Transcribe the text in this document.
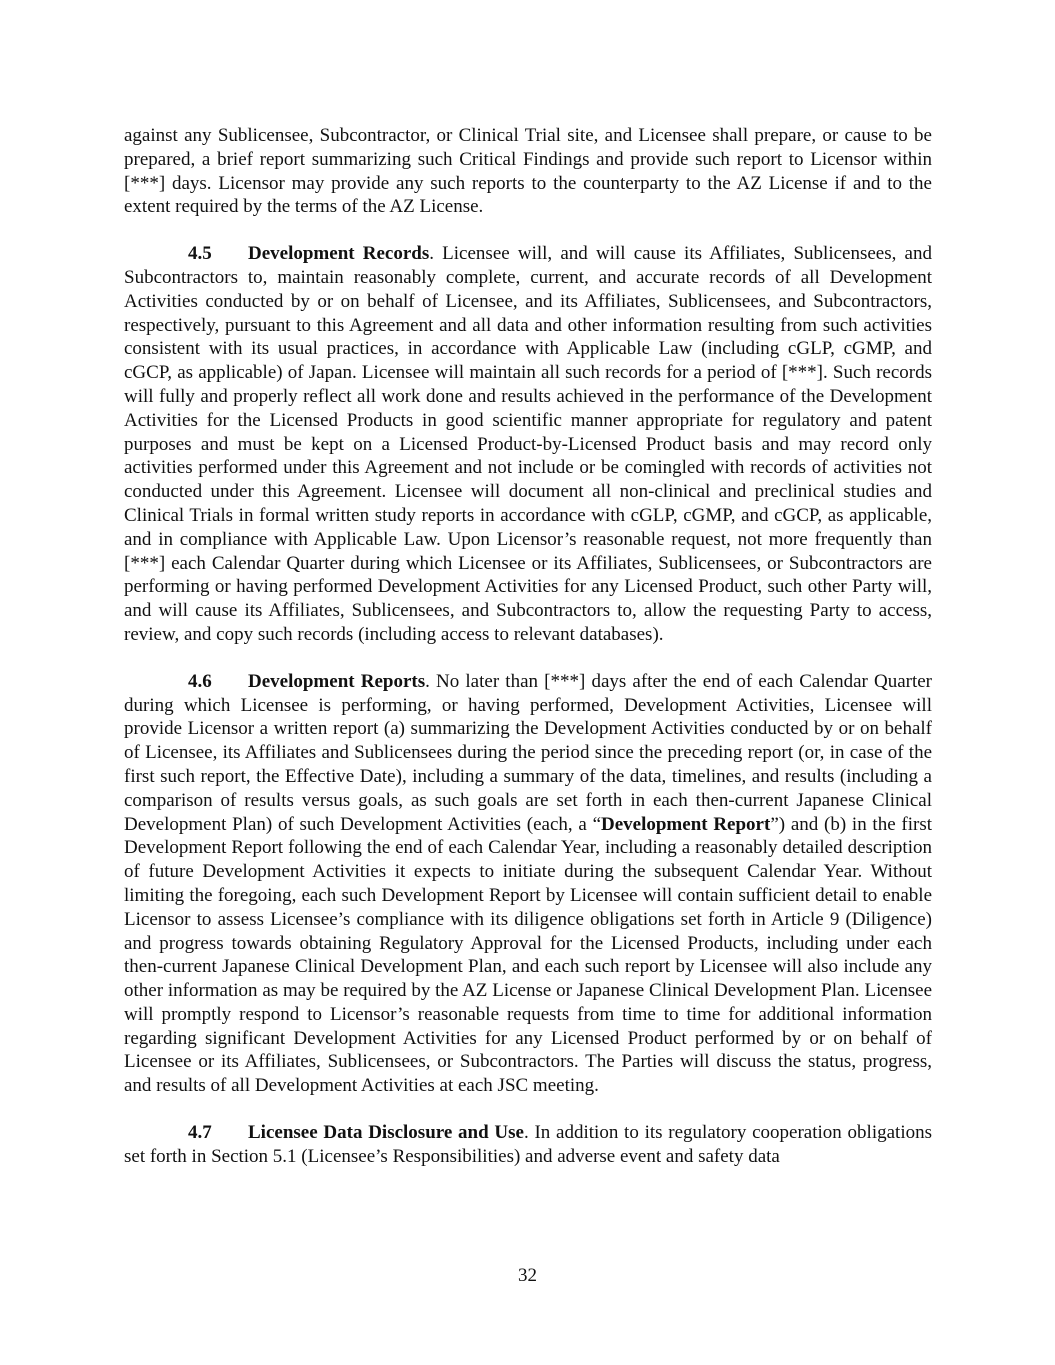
against any Sublicensee, Subcontractor, or Clinical Trial site, and Licensee shall prepare, or cause to be prepared, a brief report summarizing such Critical Findings and provide such report to Licensor within [***] days. Licensor may provide any such reports to the counterparty to the AZ License if and to the extent required by the terms of the AZ License.

4.5 Development Records. Licensee will, and will cause its Affiliates, Sublicensees, and Subcontractors to, maintain reasonably complete, current, and accurate records of all Development Activities conducted by or on behalf of Licensee, and its Affiliates, Sublicensees, and Subcontractors, respectively, pursuant to this Agreement and all data and other information resulting from such activities consistent with its usual practices, in accordance with Applicable Law (including cGLP, cGMP, and cGCP, as applicable) of Japan. Licensee will maintain all such records for a period of [***]. Such records will fully and properly reflect all work done and results achieved in the performance of the Development Activities for the Licensed Products in good scientific manner appropriate for regulatory and patent purposes and must be kept on a Licensed Product-by-Licensed Product basis and may record only activities performed under this Agreement and not include or be comingled with records of activities not conducted under this Agreement. Licensee will document all non-clinical and preclinical studies and Clinical Trials in formal written study reports in accordance with cGLP, cGMP, and cGCP, as applicable, and in compliance with Applicable Law. Upon Licensor’s reasonable request, not more frequently than [***] each Calendar Quarter during which Licensee or its Affiliates, Sublicensees, or Subcontractors are performing or having performed Development Activities for any Licensed Product, such other Party will, and will cause its Affiliates, Sublicensees, and Subcontractors to, allow the requesting Party to access, review, and copy such records (including access to relevant databases).

4.6 Development Reports. No later than [***] days after the end of each Calendar Quarter during which Licensee is performing, or having performed, Development Activities, Licensee will provide Licensor a written report (a) summarizing the Development Activities conducted by or on behalf of Licensee, its Affiliates and Sublicensees during the period since the preceding report (or, in case of the first such report, the Effective Date), including a summary of the data, timelines, and results (including a comparison of results versus goals, as such goals are set forth in each then-current Japanese Clinical Development Plan) of such Development Activities (each, a “Development Report”) and (b) in the first Development Report following the end of each Calendar Year, including a reasonably detailed description of future Development Activities it expects to initiate during the subsequent Calendar Year. Without limiting the foregoing, each such Development Report by Licensee will contain sufficient detail to enable Licensor to assess Licensee’s compliance with its diligence obligations set forth in Article 9 (Diligence) and progress towards obtaining Regulatory Approval for the Licensed Products, including under each then-current Japanese Clinical Development Plan, and each such report by Licensee will also include any other information as may be required by the AZ License or Japanese Clinical Development Plan. Licensee will promptly respond to Licensor’s reasonable requests from time to time for additional information regarding significant Development Activities for any Licensed Product performed by or on behalf of Licensee or its Affiliates, Sublicensees, or Subcontractors. The Parties will discuss the status, progress, and results of all Development Activities at each JSC meeting.

4.7 Licensee Data Disclosure and Use. In addition to its regulatory cooperation obligations set forth in Section 5.1 (Licensee’s Responsibilities) and adverse event and safety data

32
